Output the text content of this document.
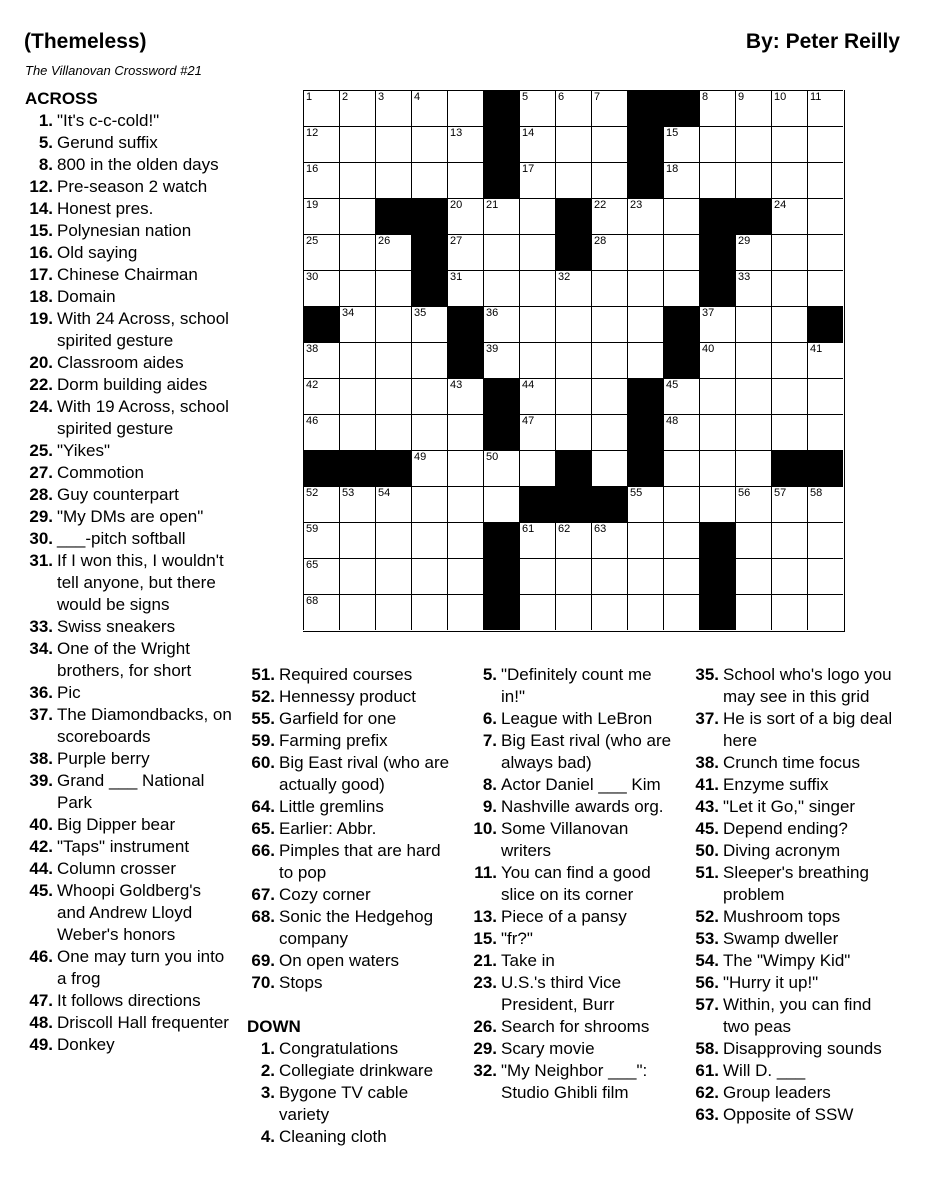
(Themeless)	By: Peter Reilly
The Villanovan Crossword #21
1	2	3	4	5	6	7	8	9	10 11
12	13	14	15
16	17	18
19	20 21	22 23	24
25	26	27	28	29
30	31	32	33
34	35	36	37
38	39	40	41
42	43	44	45
46	47	48
49	50	51
52 53 54	55	56 57 58
59	60 61 62 63	64
65	66	67
68	69	70
ACROSS
1. "It's c-c-cold!"
5. Gerund suffix
8. 800 in the olden days
12. Pre-season 2 watch
14. Honest pres.
15. Polynesian nation
16. Old saying
17. Chinese Chairman
18. Domain
19. With 24 Across, school spirited gesture
20. Classroom aides
22. Dorm building aides
24. With 19 Across, school spirited gesture
25. "Yikes"
27. Commotion
28. Guy counterpart
29. "My DMs are open"
30. ___-pitch softball
31. If I won this, I wouldn't tell anyone, but there would be signs
33. Swiss sneakers
34. One of the Wright brothers, for short
36. Pic
37. The Diamondbacks, on scoreboards
38. Purple berry
39. Grand ___ National Park
40. Big Dipper bear
42. "Taps" instrument
44. Column crosser
45. Whoopi Goldberg's and Andrew Lloyd Weber's honors
46. One may turn you into a frog
47. It follows directions
48. Driscoll Hall frequenter
49. Donkey
51. Required courses
52. Hennessy product
55. Garfield for one
59. Farming prefix
60. Big East rival (who are actually good)
64. Little gremlins
65. Earlier: Abbr.
66. Pimples that are hard to pop
67. Cozy corner
68. Sonic the Hedgehog company
69. On open waters
70. Stops
DOWN
1. Congratulations
2. Collegiate drinkware
3. Bygone TV cable variety
4. Cleaning cloth
5. "Definitely count me in!"
6. League with LeBron
7. Big East rival (who are always bad)
8. Actor Daniel ___ Kim
9. Nashville awards org.
10. Some Villanovan writers
11. You can find a good slice on its corner
13. Piece of a pansy
15. "fr?"
21. Take in
23. U.S.'s third Vice President, Burr
26. Search for shrooms
29. Scary movie
32. "My Neighbor ___": Studio Ghibli film
35. School who's logo you may see in this grid
37. He is sort of a big deal here
38. Crunch time focus
41. Enzyme suffix
43. "Let it Go," singer
45. Depend ending?
50. Diving acronym
51. Sleeper's breathing problem
52. Mushroom tops
53. Swamp dweller
54. The "Wimpy Kid"
56. "Hurry it up!"
57. Within, you can find two peas
58. Disapproving sounds
61. Will D. ___
62. Group leaders
63. Opposite of SSW
